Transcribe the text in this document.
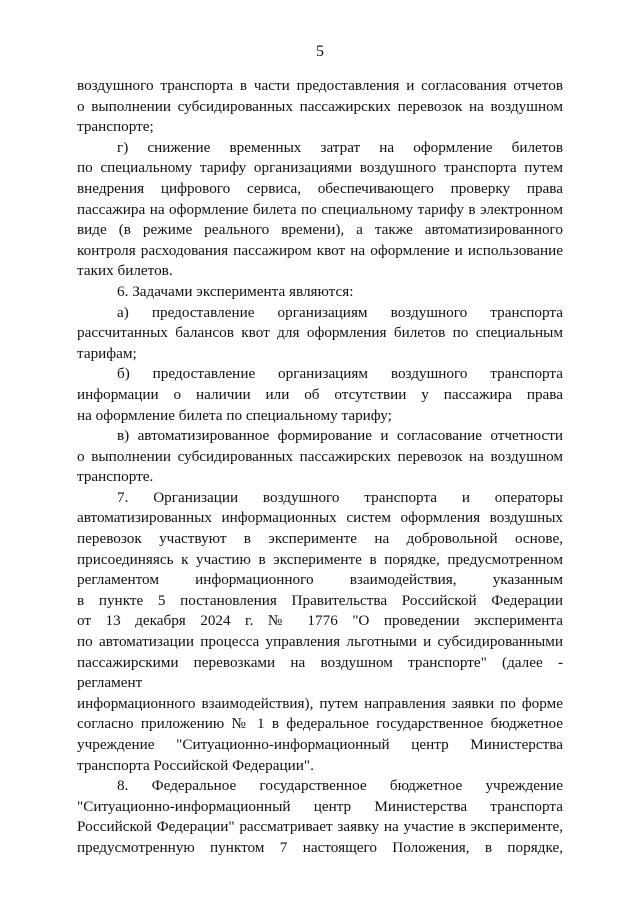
5
воздушного транспорта в части предоставления и согласования отчетов
о выполнении субсидированных пассажирских перевозок на воздушном
транспорте;
г) снижение временных затрат на оформление билетов
по специальному тарифу организациями воздушного транспорта путем
внедрения цифрового сервиса, обеспечивающего проверку права
пассажира на оформление билета по специальному тарифу в электронном
виде (в режиме реального времени), а также автоматизированного
контроля расходования пассажиром квот на оформление и использование
таких билетов.
6. Задачами эксперимента являются:
а) предоставление организациям воздушного транспорта
рассчитанных балансов квот для оформления билетов по специальным
тарифам;
б) предоставление организациям воздушного транспорта
информации о наличии или об отсутствии у пассажира права
на оформление билета по специальному тарифу;
в) автоматизированное формирование и согласование отчетности
о выполнении субсидированных пассажирских перевозок на воздушном
транспорте.
7. Организации воздушного транспорта и операторы
автоматизированных информационных систем оформления воздушных
перевозок участвуют в эксперименте на добровольной основе,
присоединяясь к участию в эксперименте в порядке, предусмотренном
регламентом информационного взаимодействия, указанным
в пункте 5 постановления Правительства Российской Федерации
от 13 декабря 2024 г. № 1776 "О проведении эксперимента
по автоматизации процесса управления льготными и субсидированными
пассажирскими перевозками на воздушном транспорте" (далее - регламент
информационного взаимодействия), путем направления заявки по форме
согласно приложению № 1 в федеральное государственное бюджетное
учреждение "Ситуационно-информационный центр Министерства
транспорта Российской Федерации".
8. Федеральное государственное бюджетное учреждение
"Ситуационно-информационный центр Министерства транспорта
Российской Федерации" рассматривает заявку на участие в эксперименте,
предусмотренную пунктом 7 настоящего Положения, в порядке,
